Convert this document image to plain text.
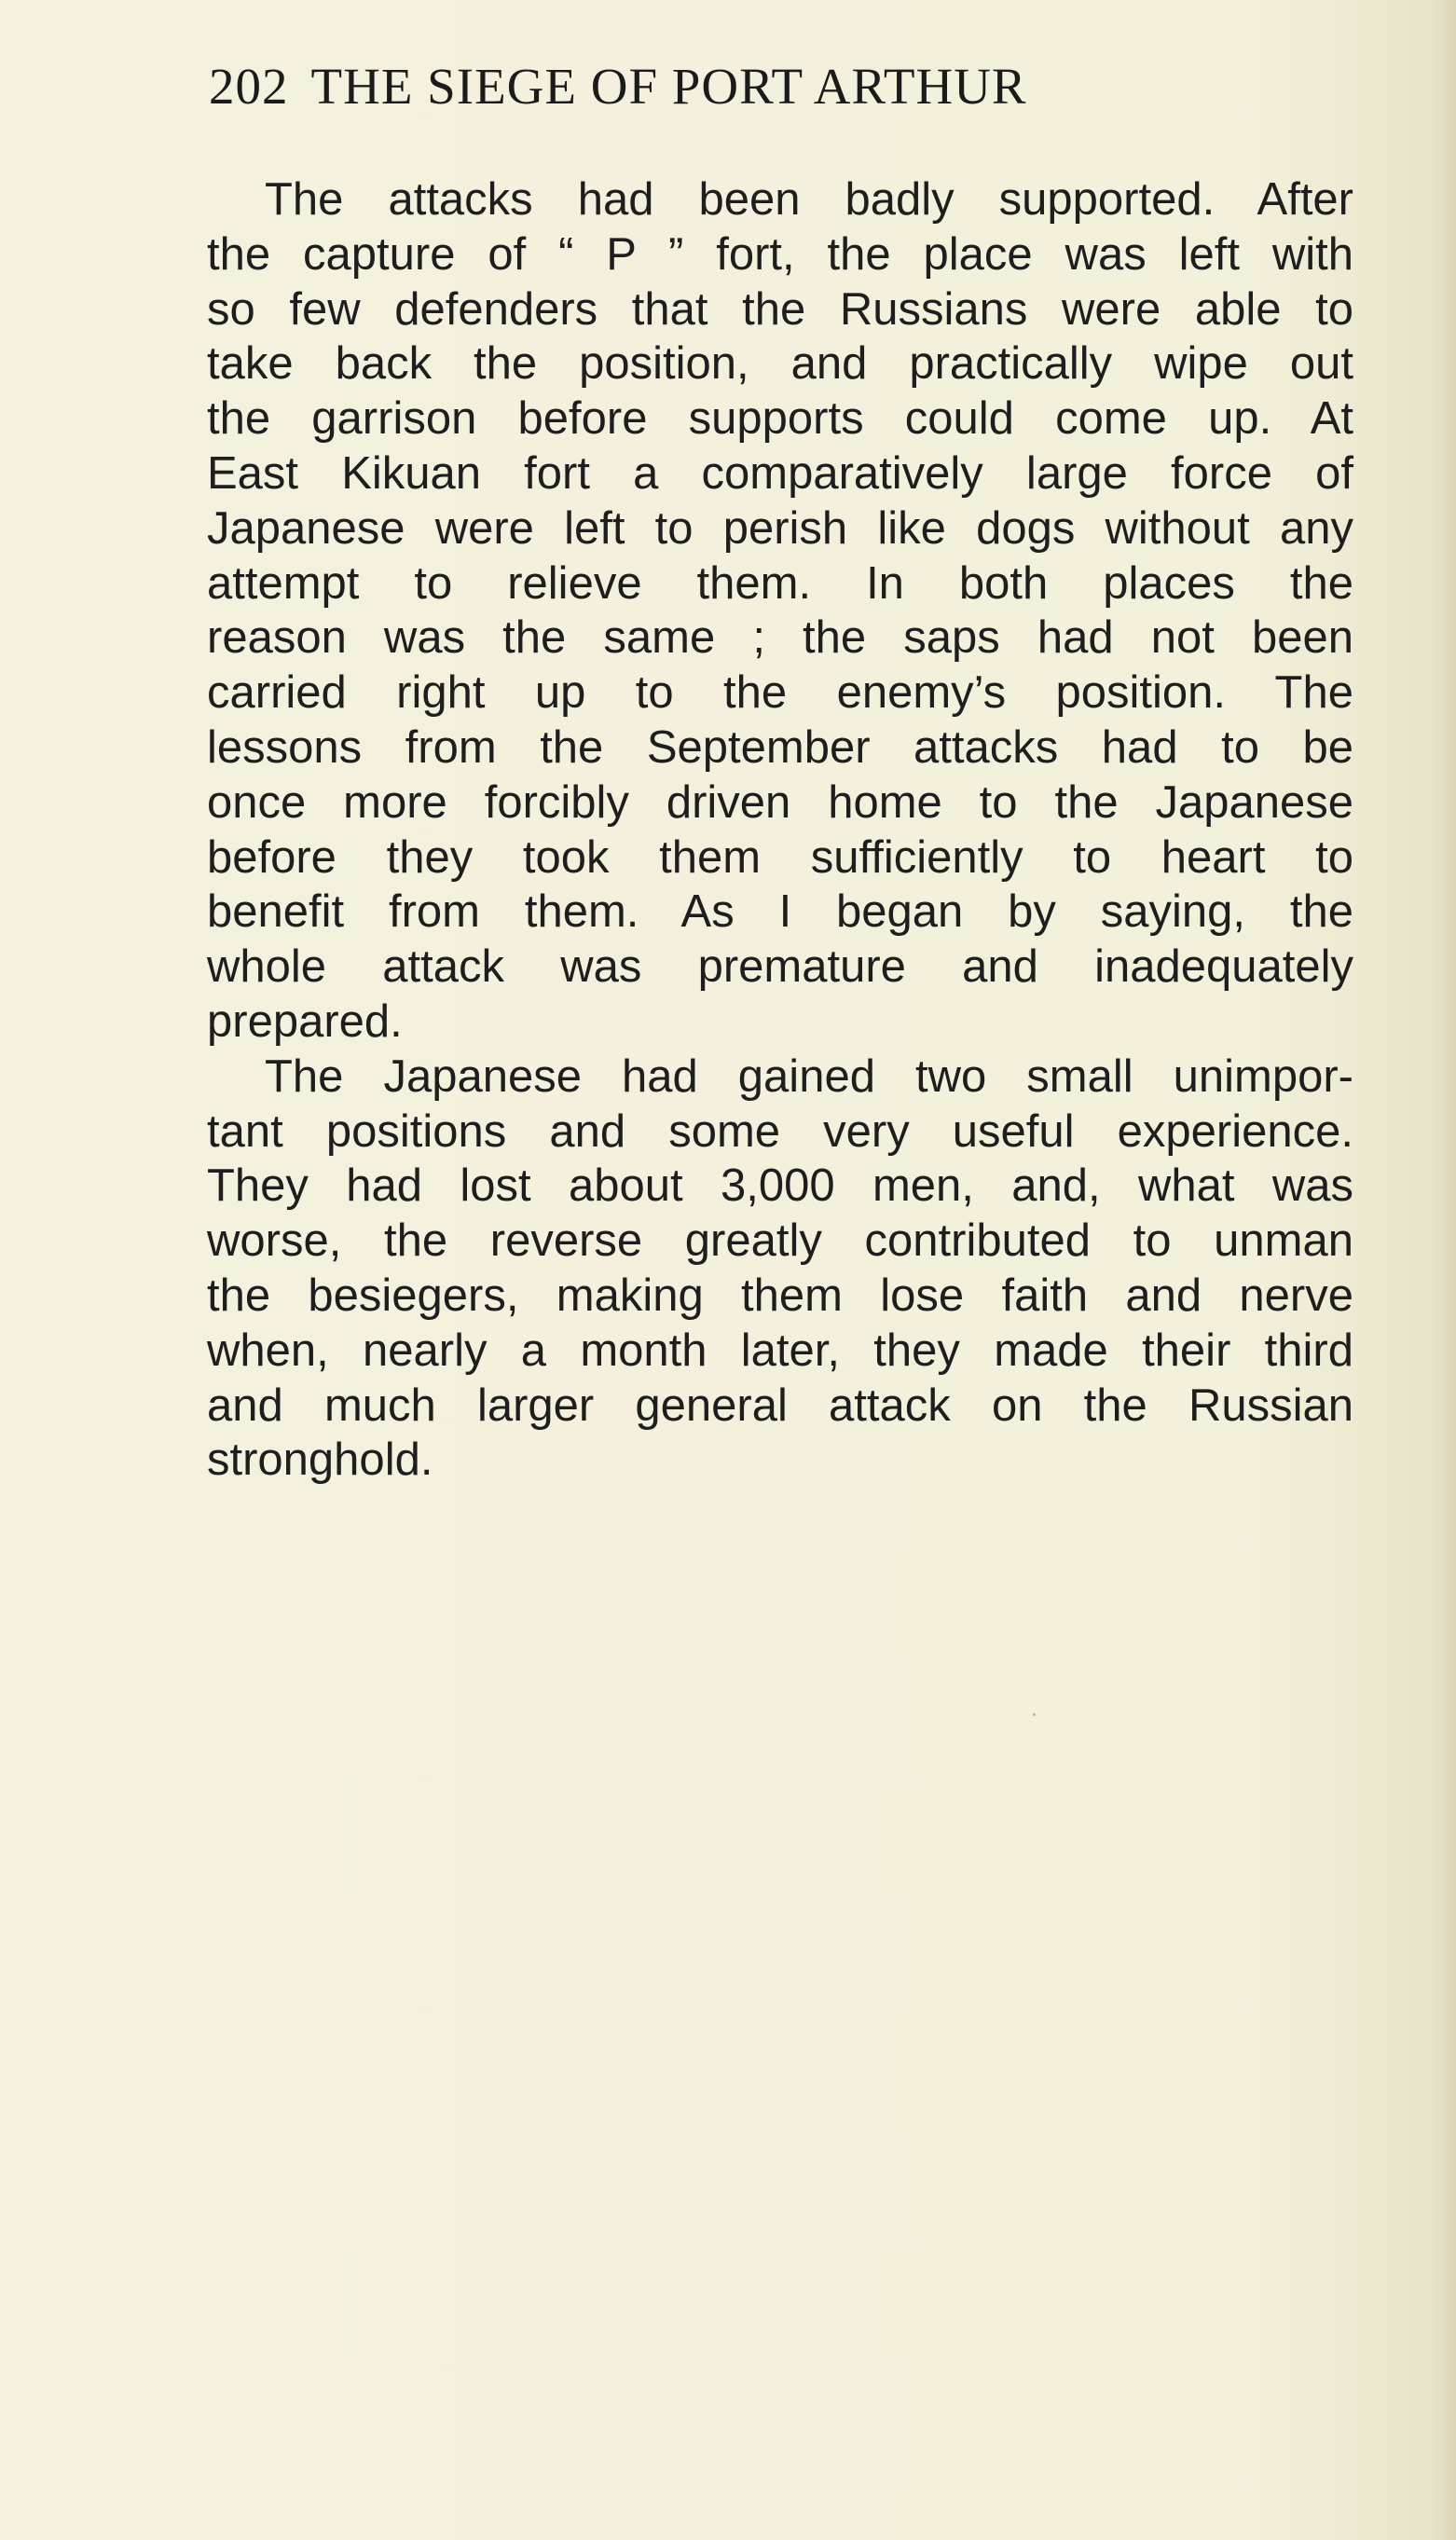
202 THE SIEGE OF PORT ARTHUR
The attacks had been badly supported. After
the capture of “ P ” fort, the place was left with
so few defenders that the Russians were able to
take back the position, and practically wipe out
the garrison before supports could come up. At
East Kikuan fort a comparatively large force of
Japanese were left to perish like dogs without any
attempt to relieve them. In both places the
reason was the same ; the saps had not been
carried right up to the enemy’s position. The
lessons from the September attacks had to be
once more forcibly driven home to the Japanese
before they took them sufficiently to heart to
benefit from them. As I began by saying, the
whole attack was premature and inadequately
prepared.
The Japanese had gained two small unimpor-
tant positions and some very useful experience.
They had lost about 3,000 men, and, what was
worse, the reverse greatly contributed to unman
the besiegers, making them lose faith and nerve
when, nearly a month later, they made their third
and much larger general attack on the Russian
stronghold.
